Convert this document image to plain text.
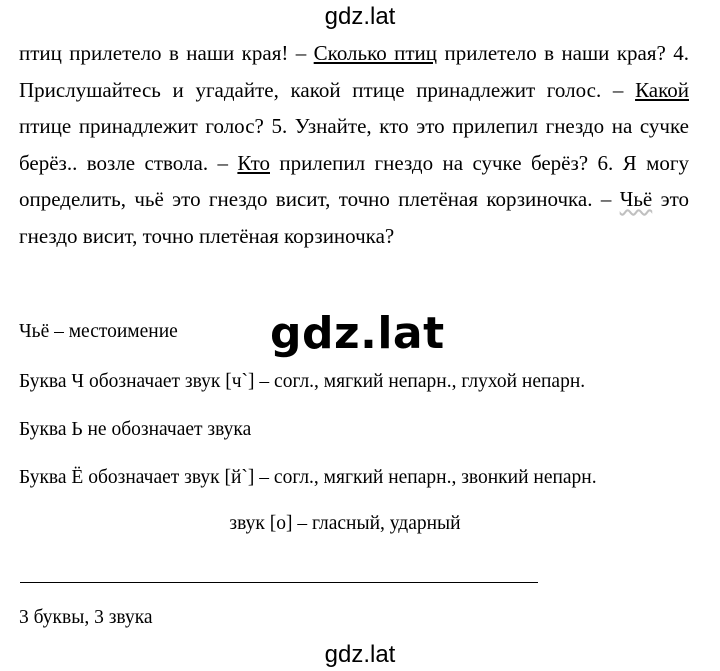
gdz.lat
птиц прилетело в наши края! – Сколько птиц прилетело в наши края? 4. Прислушайтесь и угадайте, какой птице принадлежит голос. – Какой птице принадлежит голос? 5. Узнайте, кто это прилепил гнездо на сучке берёз.. возле ствола. – Кто прилепил гнездо на сучке берёз? 6. Я могу определить, чьё это гнездо висит, точно плетёная корзиночка. – Чьё это гнездо висит, точно плетёная корзиночка?
Чьё – местоимение gdz.lat
Буква Ч обозначает звук [ч`] – согл., мягкий непарн., глухой непарн.
Буква Ь не обозначает звука
Буква Ё обозначает звук [й`] – согл., мягкий непарн., звонкий непарн.
звук [о] – гласный, ударный
3 буквы, 3 звука
gdz.lat
